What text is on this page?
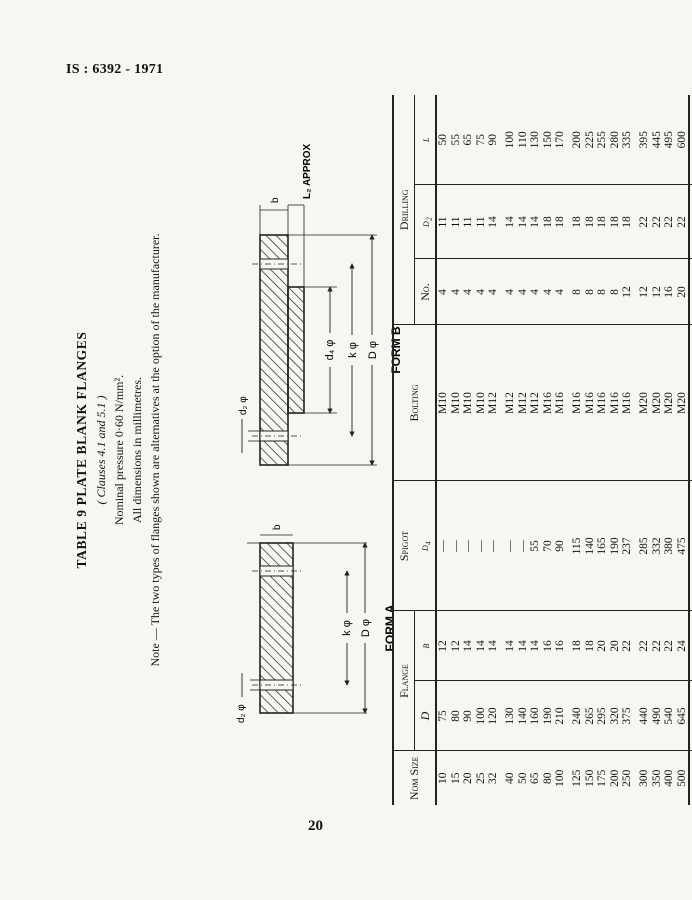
IS : 6392 - 1971
TABLE 9 PLATE BLANK FLANGES ( Clauses 4.1 and 5.1 ) Nominal pressure 0·60 N/mm². All dimensions in millimetres. Note — The two types of flanges shown are alternatives at the option of the manufacturer.	k φ D φ
d₂ φ
b
FORM A
d₄ φ k φ D φ
d₂ φ
b
L₂ APPROX
FORM B
Nom Size	Flange		Spigot	Bolting	Drilling		
	D	b	d₄		No.	d₂	l
10	75	12	—	M10	4	11	50
15	80	12	—	M10	4	11	55
20	90	14	—	M10	4	11	65
25	100	14	—	M10	4	11	75
32	120	14	—	M12	4	14	90

40	130	14	—	M12	4	14	100
50	140	14	—	M12	4	14	110
65	160	14	55	M12	4	14	130
80	190	16	70	M16	4	18	150
100	210	16	90	M16	4	18	170

125	240	18	115	M16	8	18	200
150	265	18	140	M16	8	18	225
175	295	20	165	M16	8	18	255
200	320	20	190	M16	8	18	280
250	375	22	237	M16	12	18	335

300	440	22	285	M20	12	22	395
350	490	22	332	M20	12	22	445
400	540	22	380	M20	16	22	495
500	645	24	475	M20	20	22	600

20
